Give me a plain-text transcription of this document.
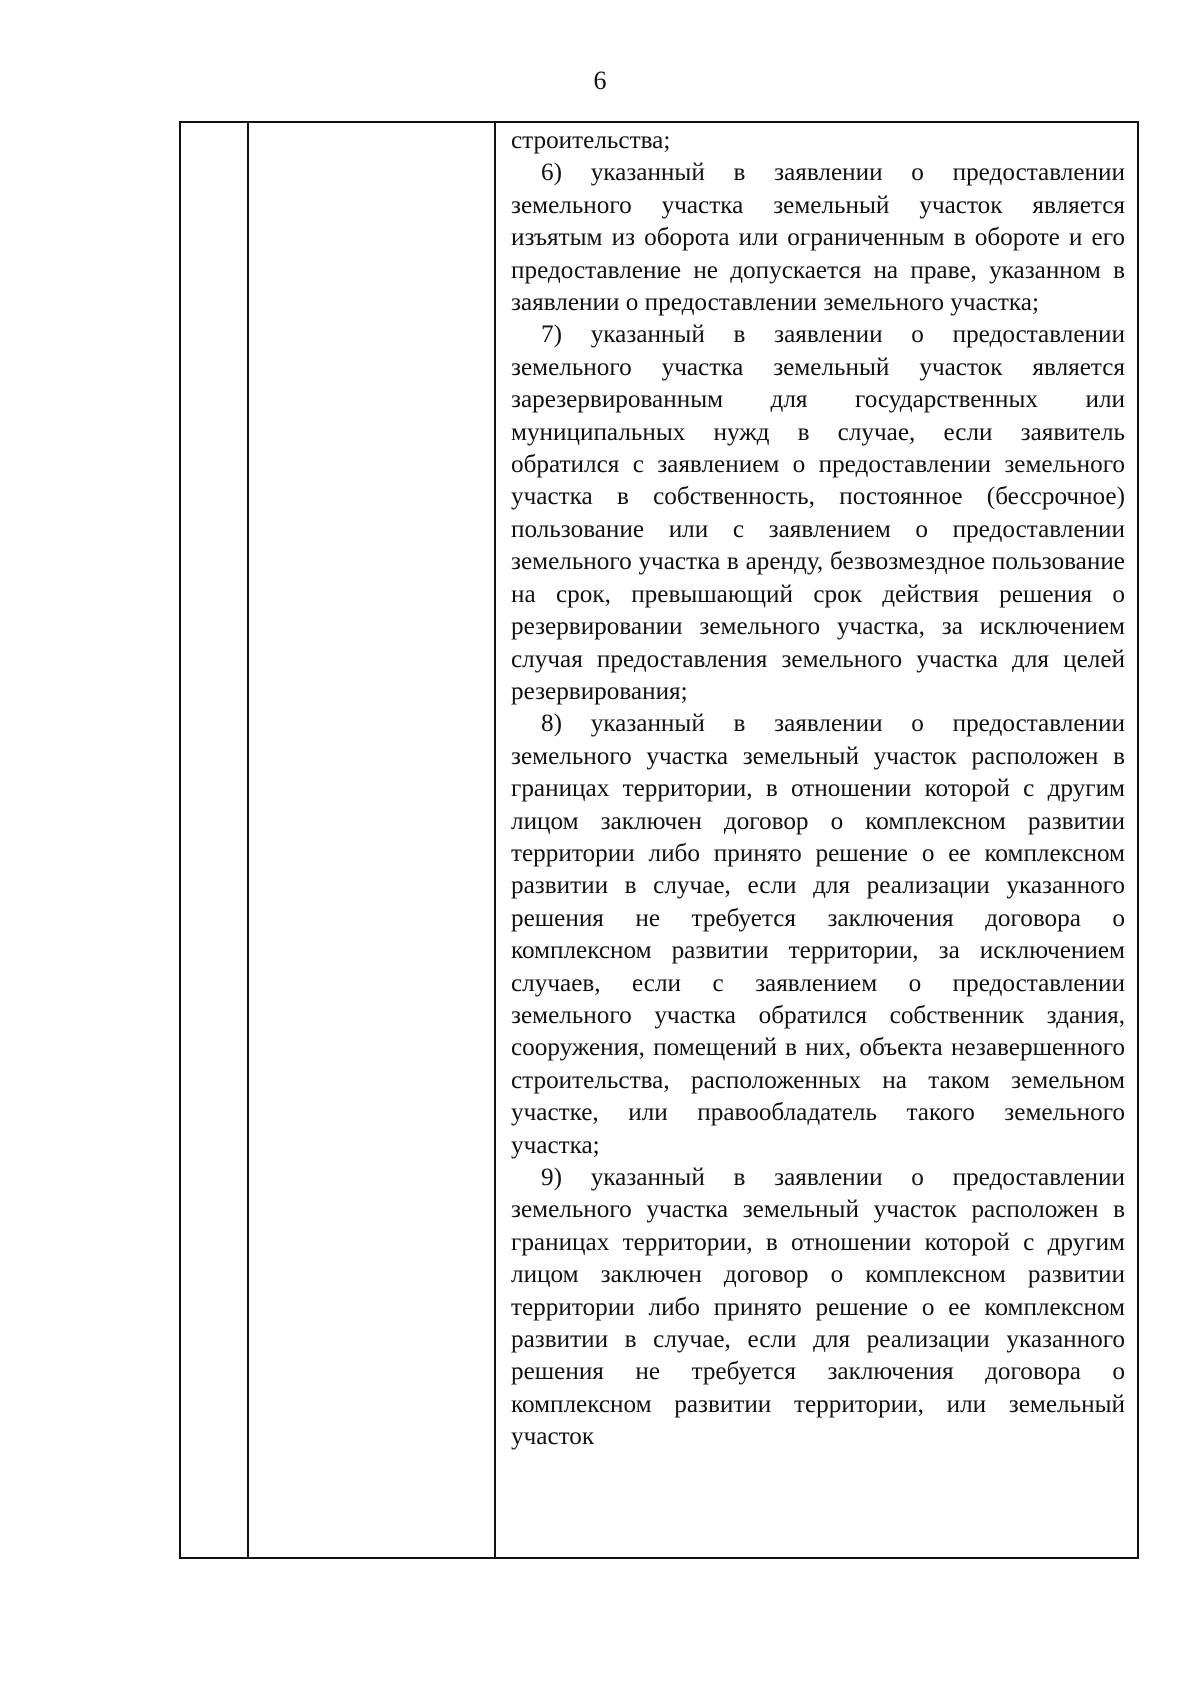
6

строительства;

6) указанный в заявлении о предоставлении земельного участка земельный участок является изъятым из оборота или ограниченным в обороте и его предоставление не допускается на праве, указанном в заявлении о предоставлении земельного участка;

7) указанный в заявлении о предоставлении земельного участка земельный участок является зарезервированным для государственных или муниципальных нужд в случае, если заявитель обратился с заявлением о предоставлении земельного участка в собственность, постоянное (бессрочное) пользование или с заявлением о предоставлении земельного участка в аренду, безвозмездное пользование на срок, превышающий срок действия решения о резервировании земельного участка, за исключением случая предоставления земельного участка для целей резервирования;

8) указанный в заявлении о предоставлении земельного участка земельный участок расположен в границах территории, в отношении которой с другим лицом заключен договор о комплексном развитии территории либо принято решение о ее комплексном развитии в случае, если для реализации указанного решения не требуется заключения договора о комплексном развитии территории, за исключением случаев, если с заявлением о предоставлении земельного участка обратился собственник здания, сооружения, помещений в них, объекта незавершенного строительства, расположенных на таком земельном участке, или правообладатель такого земельного участка;

9) указанный в заявлении о предоставлении земельного участка земельный участок расположен в границах территории, в отношении которой с другим лицом заключен договор о комплексном развитии территории либо принято решение о ее комплексном развитии в случае, если для реализации указанного решения не требуется заключения договора о комплексном развитии территории, или земельный участок
